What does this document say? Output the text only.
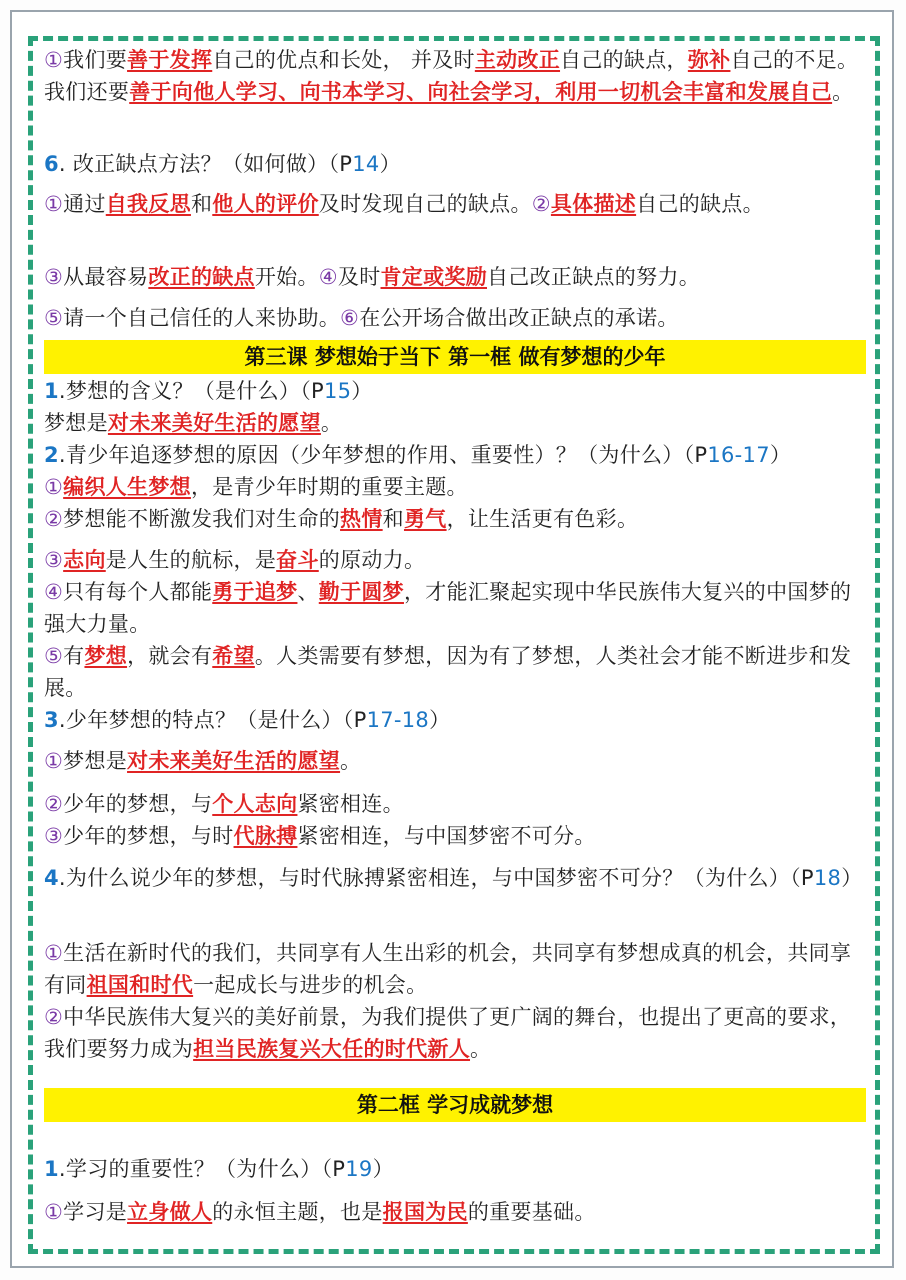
①我们要善于发挥自己的优点和长处， 并及时主动改正自己的缺点，弥补自己的不足。我们还要善于向他人学习、向书本学习、向社会学习，利用一切机会丰富和发展自己。
6. 改正缺点方法？（如何做）（P14）
①通过自我反思和他人的评价及时发现自己的缺点。②具体描述自己的缺点。
③从最容易改正的缺点开始。④及时肯定或奖励自己改正缺点的努力。
⑤请一个自己信任的人来协助。⑥在公开场合做出改正缺点的承诺。
第三课 梦想始于当下 第一框 做有梦想的少年
1.梦想的含义？（是什么）（P15）
梦想是对未来美好生活的愿望。
2.青少年追逐梦想的原因（少年梦想的作用、重要性）？（为什么）（P16-17）
①编织人生梦想，是青少年时期的重要主题。
②梦想能不断激发我们对生命的热情和勇气，让生活更有色彩。
③志向是人生的航标，是奋斗的原动力。
④只有每个人都能勇于追梦、勤于圆梦，才能汇聚起实现中华民族伟大复兴的中国梦的强大力量。
⑤有梦想，就会有希望。人类需要有梦想，因为有了梦想，人类社会才能不断进步和发展。
3.少年梦想的特点？（是什么）（P17-18）
①梦想是对未来美好生活的愿望。
②少年的梦想，与个人志向紧密相连。
③少年的梦想，与时代脉搏紧密相连，与中国梦密不可分。
4.为什么说少年的梦想，与时代脉搏紧密相连，与中国梦密不可分？（为什么）（P18）
①生活在新时代的我们，共同享有人生出彩的机会，共同享有梦想成真的机会，共同享有同祖国和时代一起成长与进步的机会。
②中华民族伟大复兴的美好前景，为我们提供了更广阔的舞台，也提出了更高的要求，我们要努力成为担当民族复兴大任的时代新人。
第二框 学习成就梦想
1.学习的重要性？（为什么）（P19）
①学习是立身做人的永恒主题，也是报国为民的重要基础。
